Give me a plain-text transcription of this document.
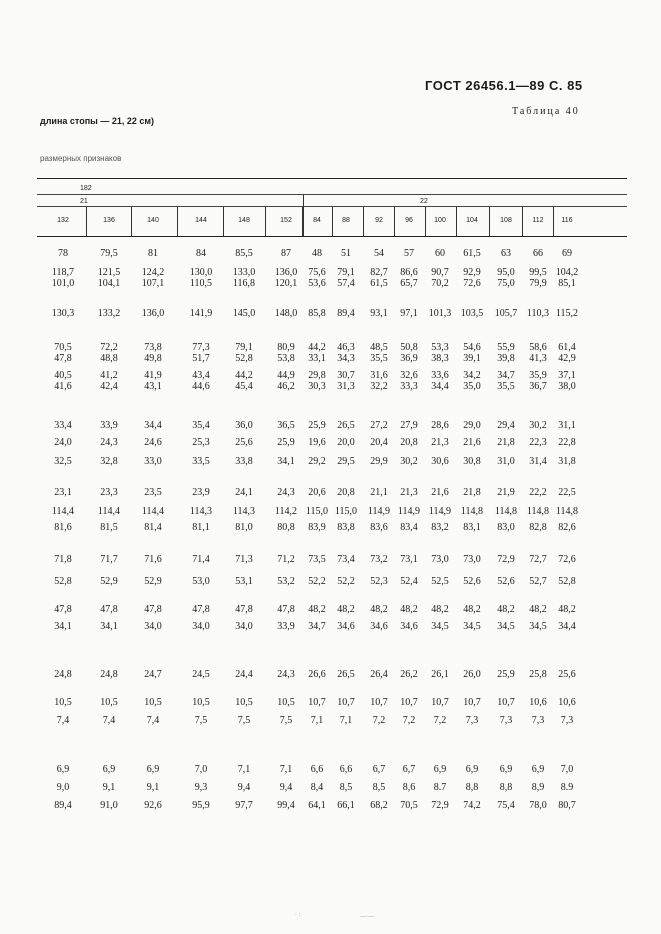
ГОСТ 26456.1—89 С. 85
Таблица 40
длина стопы — 21, 22 см)
размерных признаков
182
21	22
132	136	140	144	148	152	84	88	92	96	100	104	108	112	116
78	79,5	81	84	85,5	87	48	51	54	57	60	61,5	63	66	69
118,7	121,5	124,2	130,0	133,0	136,0	75,6	79,1	82,7	86,6	90,7	92,9	95,0	99,5 104,2
101,0	104,1	107,1	110,5	116,8	120,1	53,6	57,4	61,5	65,7	70,2	72,6	75,0	79,9	85,1
130,3	133,2	136,0	141,9	145,0	148,0	85,8	89,4	93,1	97,1	101,3 103,5	105,7 110,3 115,2
70,5	72,2	73,8	77,3	79,1	80,9	44,2	46,3	48,5	50,8	53,3	54,6	55,9	58,6	61,4
47,8	48,8	49,8	51,7	52,8	53,8	33,1	34,3	35,5	36,9	38,3	39,1	39,8	41,3	42,9
40,5	41,2	41,9	43,4	44,2	44,9	29,8	30,7	31,6	32,6	33,6	34,2	34,7	35,9	37,1
41,6	42,4	43,1	44,6	45,4	46,2	30,3	31,3	32,2	33,3	34,4	35,0	35,5	36,7	38,0
33,4	33,9	34,4	35,4	36,0	36,5	25,9	26,5	27,2	27,9	28,6	29,0	29,4	30,2	31,1
24,0	24,3	24,6	25,3	25,6	25,9	19,6	20,0	20,4	20,8	21,3	21,6	21,8	22,3	22,8
32,5	32,8	33,0	33,5	33,8	34,1	29,2	29,5	29,9	30,2	30,6	30,8	31,0	31,4	31,8
23,1	23,3	23,5	23,9	24,1	24,3	20,6	20,8	21,1	21,3	21,6	21,8	21,9	22,2	22,5
114,4	114,4	114,4	114,3	114,3	114,2 115,0 115,0	114,9 114,9 114,9 114,8	114,8 114,8 114,8
81,6	81,5	81,4	81,1	81,0	80,8	83,9	83,8	83,6	83,4	83,2	83,1	83,0	82,8	82,6
71,8	71,7	71,6	71,4	71,3	71,2	73,5	73,4	73,2	73,1	73,0	73,0	72,9	72,7	72,6
52,8	52,9	52,9	53,0	53,1	53,2	52,2	52,2	52,3	52,4	52,5	52,6	52,6	52,7	52,8
47,8	47,8	47,8	47,8	47,8	47,8	48,2	48,2	48,2	48,2	48,2	48,2	48,2	48,2	48,2
34,1	34,1	34,0	34,0	34,0	33,9	34,7	34,6	34,6	34,6	34,5	34,5	34,5	34,5	34,4
24,8	24,8	24,7	24,5	24,4	24,3	26,6	26,5	26,4	26,2	26,1	26,0	25,9	25,8	25,6
10,5	10,5	10,5	10,5	10,5	10,5	10,7	10,7	10,7	10,7	10,7	10,7	10,7	10,6	10,6
7,4	7,4	7,4	7,5	7,5	7,5	7,1	7,1	7,2	7,2	7,2	7,3	7,3	7,3	7,3
6,9	6,9	6,9	7,0	7,1	7,1	6,6	6,6	6,7	6,7	6,9	6,9	6,9	6,9	7,0
9,0	9,1	9,1	9,3	9,4	9,4	8,4	8,5	8,5	8,6	8.7	8,8	8,8	8,9	8.9
89,4	91,0	92,6	95,9	97,7	99,4	64,1	66,1	68,2	70,5	72,9	74,2	75,4	78,0	80,7
· :	—·—
